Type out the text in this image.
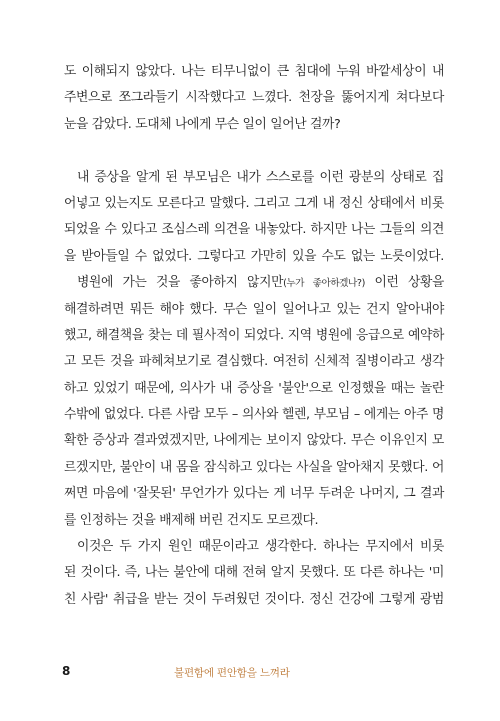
도 이해되지 않았다. 나는 티무니없이 큰 침대에 누워 바깥세상이 내
주변으로 쪼그라들기 시작했다고 느꼈다. 천장을 뚫어지게 쳐다보다
눈을 감았다. 도대체 나에게 무슨 일이 일어난 걸까?
내 증상을 알게 된 부모님은 내가 스스로를 이런 광분의 상태로 집
어넣고 있는지도 모른다고 말했다. 그리고 그게 내 정신 상태에서 비롯
되었을 수 있다고 조심스레 의견을 내놓았다. 하지만 나는 그들의 의견
을 받아들일 수 없었다. 그렇다고 가만히 있을 수도 없는 노릇이었다.
병원에 가는 것을 좋아하지 않지만(누가 좋아하겠나?) 이런 상황을
해결하려면 뭐든 해야 했다. 무슨 일이 일어나고 있는 건지 알아내야
했고, 해결책을 찾는 데 필사적이 되었다. 지역 병원에 응급으로 예약하
고 모든 것을 파헤쳐보기로 결심했다. 여전히 신체적 질병이라고 생각
하고 있었기 때문에, 의사가 내 증상을 '불안'으로 인정했을 때는 놀란
수밖에 없었다. 다른 사람 모두 – 의사와 헬렌, 부모님 – 에게는 아주 명
확한 증상과 결과였겠지만, 나에게는 보이지 않았다. 무슨 이유인지 모
르겠지만, 불안이 내 몸을 잠식하고 있다는 사실을 알아채지 못했다. 어
쩌면 마음에 '잘못된' 무언가가 있다는 게 너무 두려운 나머지, 그 결과
를 인정하는 것을 배제해 버린 건지도 모르겠다.
이것은 두 가지 원인 때문이라고 생각한다. 하나는 무지에서 비롯
된 것이다. 즉, 나는 불안에 대해 전혀 알지 못했다. 또 다른 하나는 '미
친 사람' 취급을 받는 것이 두려웠던 것이다. 정신 건강에 그렇게 광범
8	불편함에 편안함을 느껴라
